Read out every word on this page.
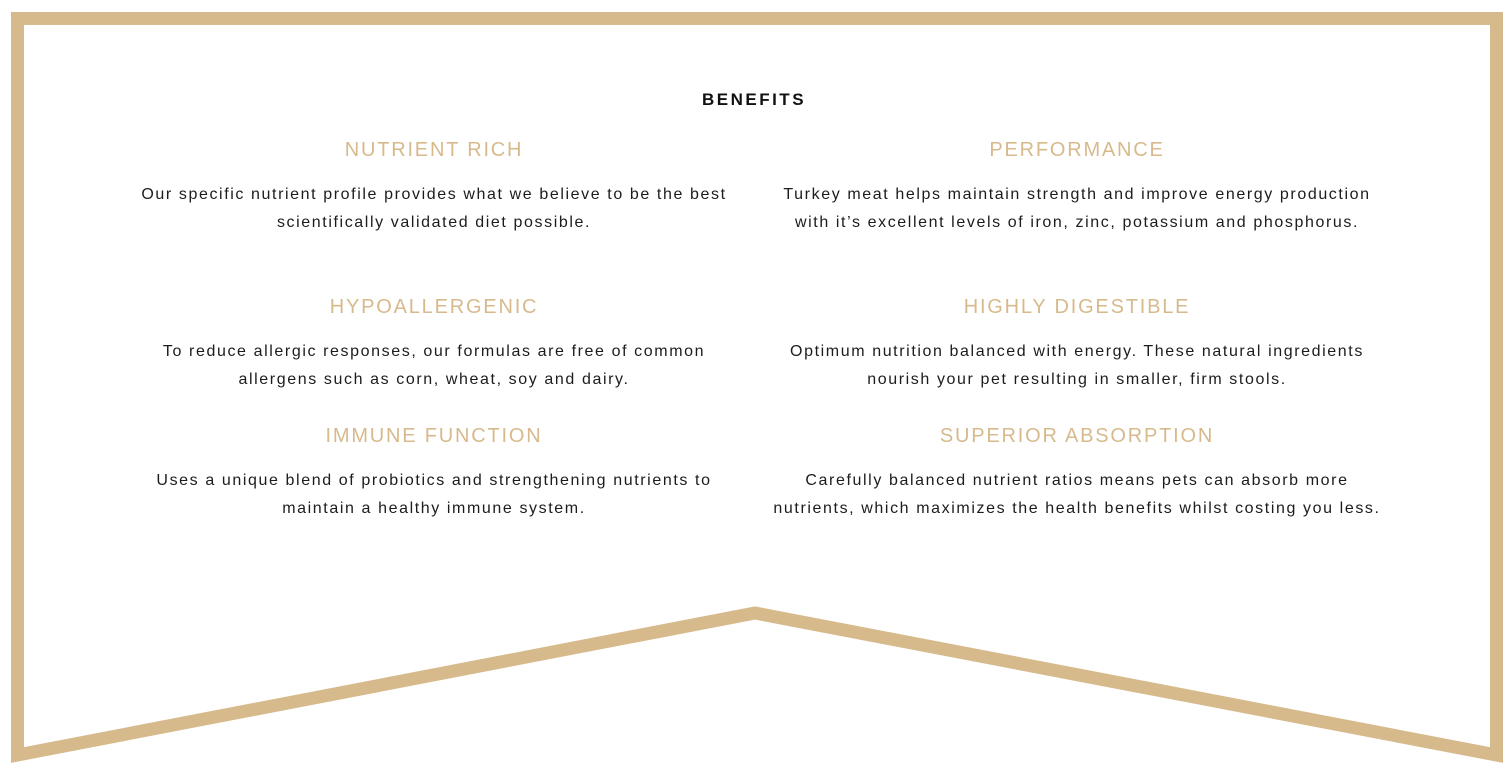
BENEFITS
NUTRIENT RICH

Our specific nutrient profile provides what we believe to be the best scientifically validated diet possible.

PERFORMANCE

Turkey meat helps maintain strength and improve energy production with it’s excellent levels of iron, zinc, potassium and phosphorus.

HYPOALLERGENIC

To reduce allergic responses, our formulas are free of common allergens such as corn, wheat, soy and dairy.

HIGHLY DIGESTIBLE

Optimum nutrition balanced with energy. These natural ingredients nourish your pet resulting in smaller, firm stools.

IMMUNE FUNCTION

Uses a unique blend of probiotics and strengthening nutrients to maintain a healthy immune system.

SUPERIOR ABSORPTION

Carefully balanced nutrient ratios means pets can absorb more nutrients, which maximizes the health benefits whilst costing you less.
